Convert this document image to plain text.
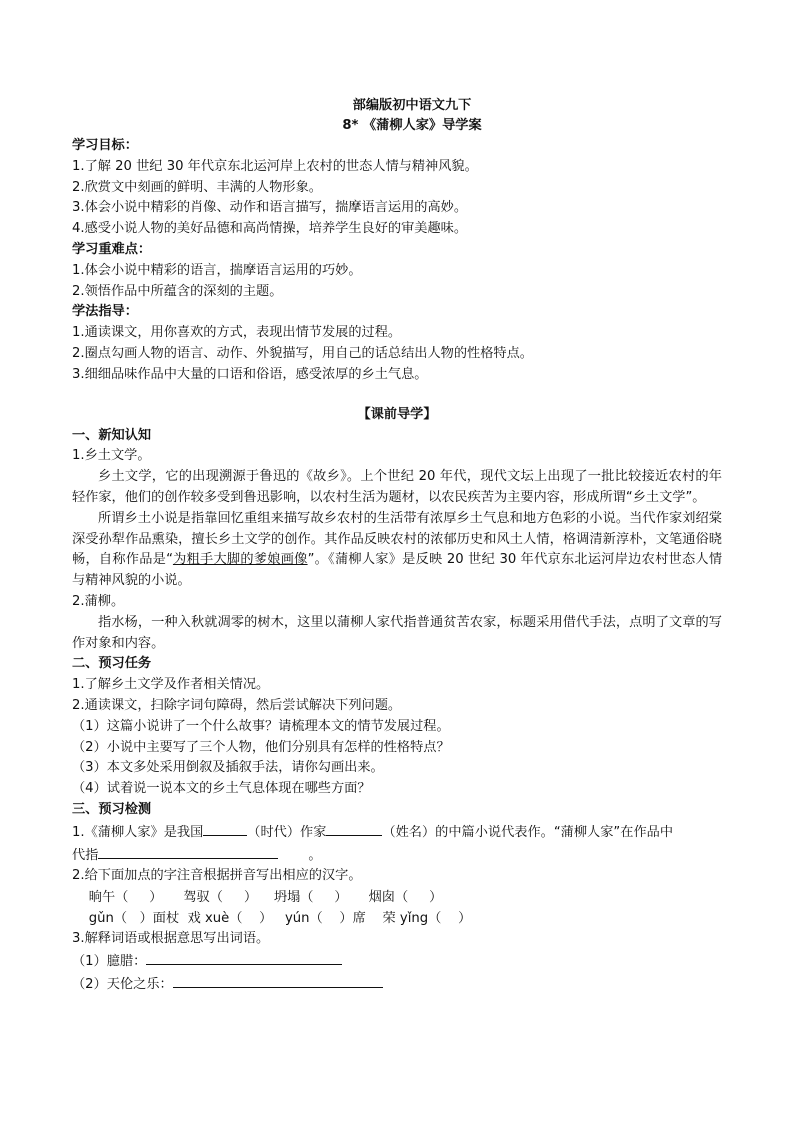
部编版初中语文九下
8* 《蒲柳人家》导学案
学习目标：
1.了解 20 世纪 30 年代京东北运河岸上农村的世态人情与精神风貌。
2.欣赏文中刻画的鲜明、丰满的人物形象。
3.体会小说中精彩的肖像、动作和语言描写，揣摩语言运用的高妙。
4.感受小说人物的美好品德和高尚情操，培养学生良好的审美趣味。
学习重难点：
1.体会小说中精彩的语言，揣摩语言运用的巧妙。
2.领悟作品中所蕴含的深刻的主题。
学法指导：
1.通读课文，用你喜欢的方式，表现出情节发展的过程。
2.圈点勾画人物的语言、动作、外貌描写，用自己的话总结出人物的性格特点。
3.细细品味作品中大量的口语和俗语，感受浓厚的乡土气息。
【课前导学】
一、新知认知
1.乡土文学。
乡土文学，它的出现溯源于鲁迅的《故乡》。上个世纪 20 年代，现代文坛上出现了一批比较接近农村的年轻作家，他们的创作较多受到鲁迅影响，以农村生活为题材，以农民疾苦为主要内容，形成所谓“乡土文学”。
所谓乡土小说是指靠回忆重组来描写故乡农村的生活带有浓厚乡土气息和地方色彩的小说。当代作家刘绍棠深受孙犁作品熏染，擅长乡土文学的创作。其作品反映农村的浓郁历史和风土人情，格调清新淳朴，文笔通俗晓畅，自称作品是“为粗手大脚的爹娘画像”。《蒲柳人家》是反映 20 世纪 30 年代京东北运河岸边农村世态人情与精神风貌的小说。
2.蒲柳。
指水杨，一种入秋就凋零的树木，这里以蒲柳人家代指普通贫苦农家，标题采用借代手法，点明了文章的写作对象和内容。
二、预习任务
1.了解乡土文学及作者相关情况。
2.通读课文，扫除字词句障碍，然后尝试解决下列问题。
（1）这篇小说讲了一个什么故事？请梳理本文的情节发展过程。
（2）小说中主要写了三个人物，他们分别具有怎样的性格特点？
（3）本文多处采用倒叙及插叙手法，请你勾画出来。
（4）试着说一说本文的乡土气息体现在哪些方面？
三、预习检测
1.《蒲柳人家》是我国	（时代）作家	（姓名）的中篇小说代表作。“蒲柳人家”在作品中
代指	。
2.给下面加点的字注音根据拼音写出相应的汉字。
晌午（     ）     驾驭（     ）    坍塌（     ）     烟囱（     ）
gǔn（   ）面杖  戏 xuè（    ）   yún（    ）席    荣 yǐng（    ）
3.解释词语或根据意思写出词语。
（1）臆腊：
（2）天伦之乐：
